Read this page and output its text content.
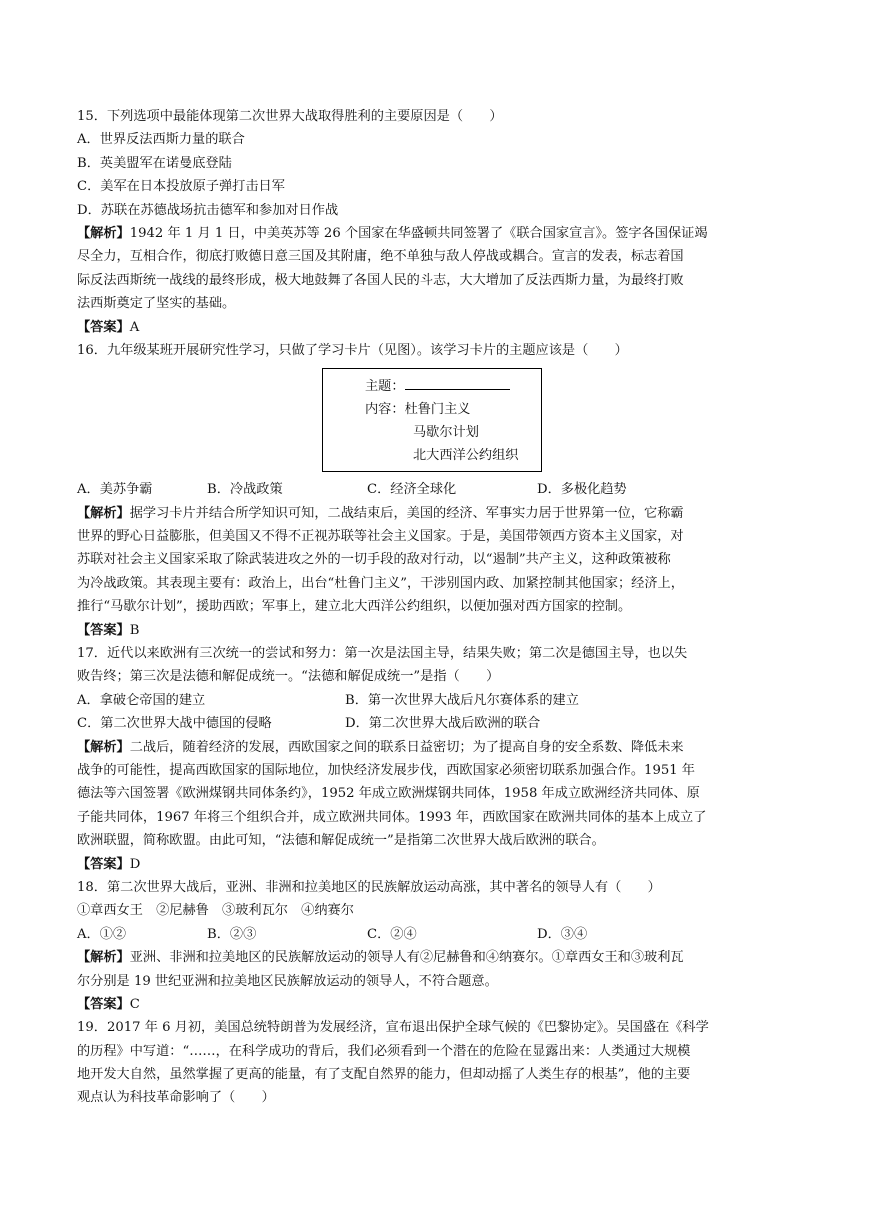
15．下列选项中最能体现第二次世界大战取得胜利的主要原因是（　　）
A．世界反法西斯力量的联合
B．英美盟军在诺曼底登陆
C．美军在日本投放原子弹打击日军
D．苏联在苏德战场抗击德军和参加对日作战
【解析】1942 年 1 月 1 日，中美英苏等 26 个国家在华盛顿共同签署了《联合国家宣言》。签字各国保证竭
尽全力，互相合作，彻底打败德日意三国及其附庸，绝不单独与敌人停战或耦合。宣言的发表，标志着国
际反法西斯统一战线的最终形成，极大地鼓舞了各国人民的斗志，大大增加了反法西斯力量，为最终打败
法西斯奠定了坚实的基础。
【答案】A
16．九年级某班开展研究性学习，只做了学习卡片（见图）。该学习卡片的主题应该是（　　）
主题：
内容：杜鲁门主义
马歇尔计划
北大西洋公约组织
A．美苏争霸	B．冷战政策	C．经济全球化	D．多极化趋势
【解析】据学习卡片并结合所学知识可知，二战结束后，美国的经济、军事实力居于世界第一位，它称霸
世界的野心日益膨胀，但美国又不得不正视苏联等社会主义国家。于是，美国带领西方资本主义国家，对
苏联对社会主义国家采取了除武装进攻之外的一切手段的敌对行动，以“遏制”共产主义，这种政策被称
为冷战政策。其表现主要有：政治上，出台“杜鲁门主义”，干涉别国内政、加紧控制其他国家；经济上，
推行“马歇尔计划”，援助西欧；军事上，建立北大西洋公约组织，以便加强对西方国家的控制。
【答案】B
17．近代以来欧洲有三次统一的尝试和努力：第一次是法国主导，结果失败；第二次是德国主导，也以失
败告终；第三次是法德和解促成统一。“法德和解促成统一”是指（　　）
A．拿破仑帝国的建立	B．第一次世界大战后凡尔赛体系的建立
C．第二次世界大战中德国的侵略	D．第二次世界大战后欧洲的联合
【解析】二战后，随着经济的发展，西欧国家之间的联系日益密切；为了提高自身的安全系数、降低未来
战争的可能性，提高西欧国家的国际地位，加快经济发展步伐，西欧国家必须密切联系加强合作。1951 年
德法等六国签署《欧洲煤钢共同体条约》，1952 年成立欧洲煤钢共同体，1958 年成立欧洲经济共同体、原
子能共同体，1967 年将三个组织合并，成立欧洲共同体。1993 年，西欧国家在欧洲共同体的基本上成立了
欧洲联盟，简称欧盟。由此可知，“法德和解促成统一”是指第二次世界大战后欧洲的联合。
【答案】D
18．第二次世界大战后，亚洲、非洲和拉美地区的民族解放运动高涨，其中著名的领导人有（　　）
①章西女王　②尼赫鲁　③玻利瓦尔　④纳赛尔
A．①②	B．②③	C．②④	D．③④
【解析】亚洲、非洲和拉美地区的民族解放运动的领导人有②尼赫鲁和④纳赛尔。①章西女王和③玻利瓦
尔分别是 19 世纪亚洲和拉美地区民族解放运动的领导人，不符合题意。
【答案】C
19．2017 年 6 月初，美国总统特朗普为发展经济，宣布退出保护全球气候的《巴黎协定》。吴国盛在《科学
的历程》中写道：“……，在科学成功的背后，我们必须看到一个潜在的危险在显露出来：人类通过大规模
地开发大自然，虽然掌握了更高的能量，有了支配自然界的能力，但却动摇了人类生存的根基”，他的主要
观点认为科技革命影响了（　　）
